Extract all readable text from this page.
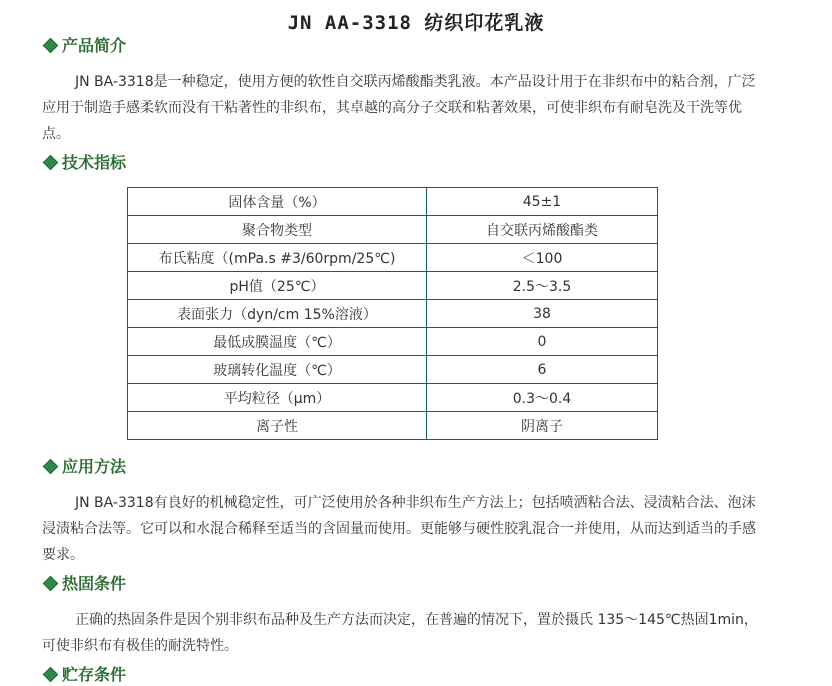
JN AA-3318 纺织印花乳液
产品简介
JN BA-3318是一种稳定，使用方便的软性自交联丙烯酸酯类乳液。本产品设计用于在非织布中的粘合剂，广泛应用于制造手感柔软而没有干粘著性的非织布，其卓越的高分子交联和粘著效果，可使非织布有耐皂洗及干洗等优点。
技术指标
固体含量（%）	45±1
聚合物类型	自交联丙烯酸酯类
布氏粘度（(mPa.s #3/60rpm/25℃)	＜100
pH值（25℃）	2.5～3.5
表面张力（dyn/cm 15%溶液）	38
最低成膜温度（℃）	0
玻璃转化温度（℃）	6
平均粒径（μm）	0.3～0.4
离子性	阴离子
应用方法
JN BA-3318有良好的机械稳定性，可广泛使用於各种非织布生产方法上；包括喷洒粘合法、浸渍粘合法、泡沫浸渍粘合法等。它可以和水混合稀释至适当的含固量而使用。更能够与硬性胶乳混合一并使用，从而达到适当的手感要求。
热固条件
正确的热固条件是因个别非织布品种及生产方法而决定，在普遍的情况下，置於摄氏 135～145℃热固1min，可使非织布有极佳的耐洗特性。
贮存条件
